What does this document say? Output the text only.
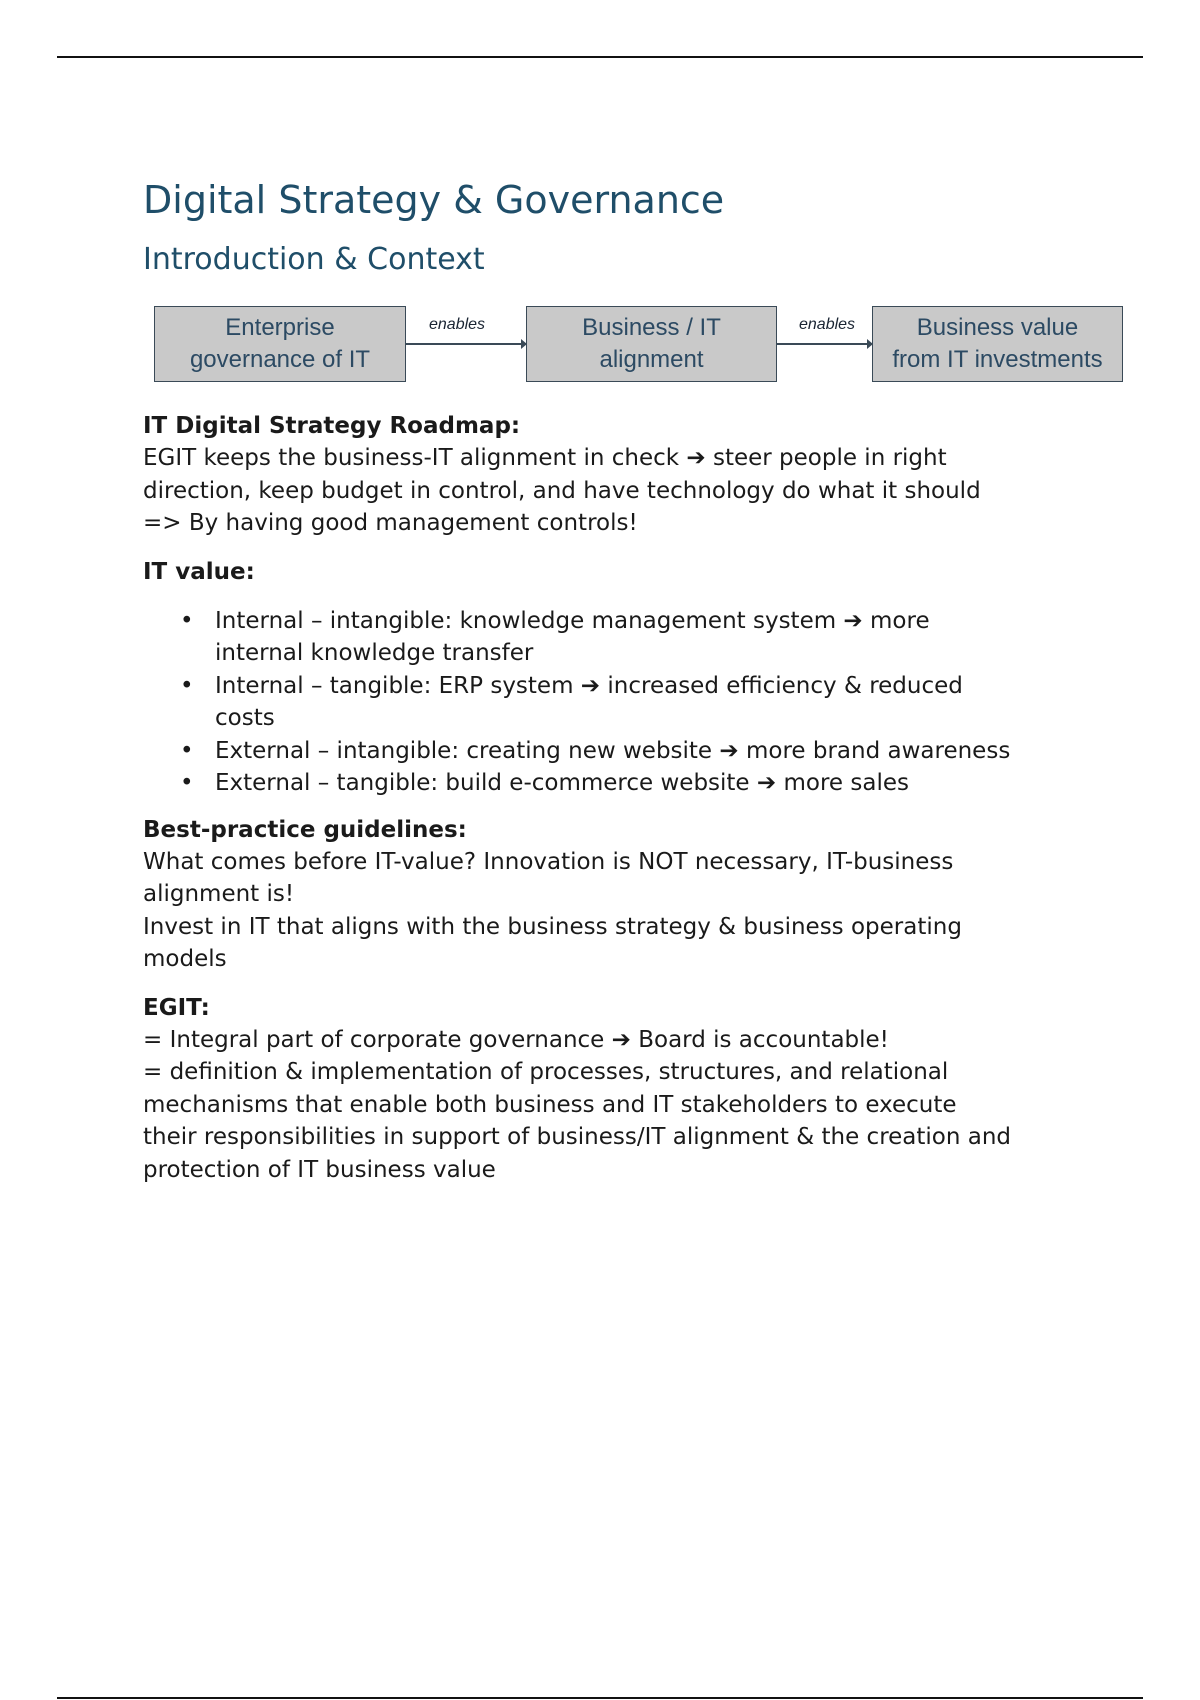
Digital Strategy & Governance
Introduction & Context
Enterprise
governance of IT
enables	Business / IT
alignment
enables	Business value
from IT investments

IT Digital Strategy Roadmap:

EGIT keeps the business-IT alignment in check ➔ steer people in right

direction, keep budget in control, and have technology do what it should

=> By having good management controls!

IT value:

• Internal – intangible: knowledge management system ➔ more
internal knowledge transfer
• Internal – tangible: ERP system ➔ increased efficiency & reduced
costs
• External – intangible: creating new website ➔ more brand awareness
• External – tangible: build e-commerce website ➔ more sales

Best-practice guidelines:

What comes before IT-value? Innovation is NOT necessary, IT-business

alignment is!

Invest in IT that aligns with the business strategy & business operating

models

EGIT:

= Integral part of corporate governance ➔ Board is accountable!

= definition & implementation of processes, structures, and relational

mechanisms that enable both business and IT stakeholders to execute

their responsibilities in support of business/IT alignment & the creation and

protection of IT business value
